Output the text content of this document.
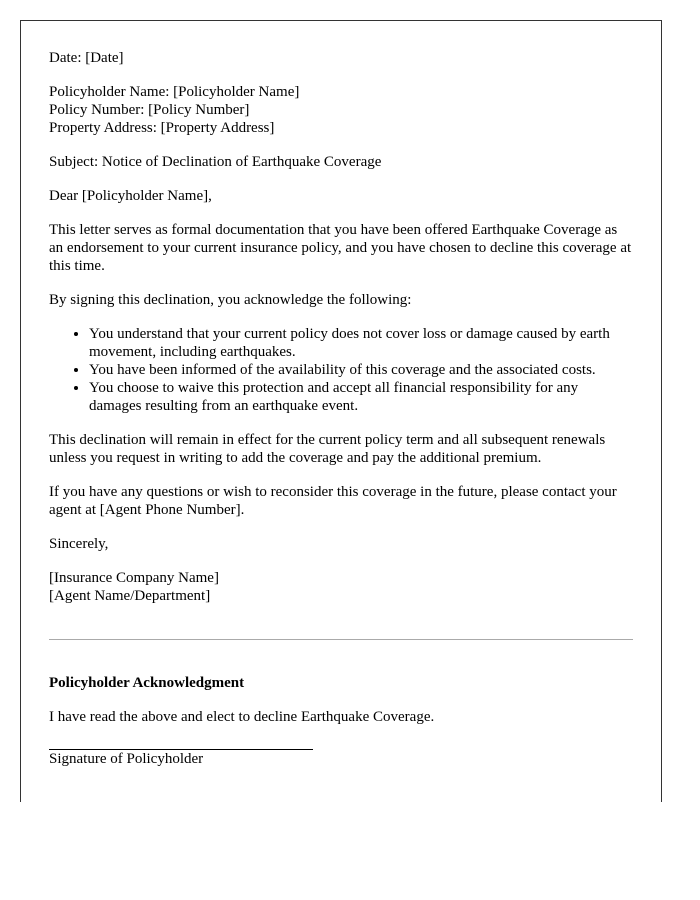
Date: [Date]

Policyholder Name: [Policyholder Name]
Policy Number: [Policy Number]
Property Address: [Property Address]

Subject: Notice of Declination of Earthquake Coverage

Dear [Policyholder Name],

This letter serves as formal documentation that you have been offered Earthquake Coverage as an endorsement to your current insurance policy, and you have chosen to decline this coverage at this time.

By signing this declination, you acknowledge the following:

• You understand that your current policy does not cover loss or damage caused by earth movement, including earthquakes.
• You have been informed of the availability of this coverage and the associated costs.
• You choose to waive this protection and accept all financial responsibility for any damages resulting from an earthquake event.

This declination will remain in effect for the current policy term and all subsequent renewals unless you request in writing to add the coverage and pay the additional premium.

If you have any questions or wish to reconsider this coverage in the future, please contact your agent at [Agent Phone Number].

Sincerely,

[Insurance Company Name]
[Agent Name/Department]

Policyholder Acknowledgment

I have read the above and elect to decline Earthquake Coverage.

Signature of Policyholder
